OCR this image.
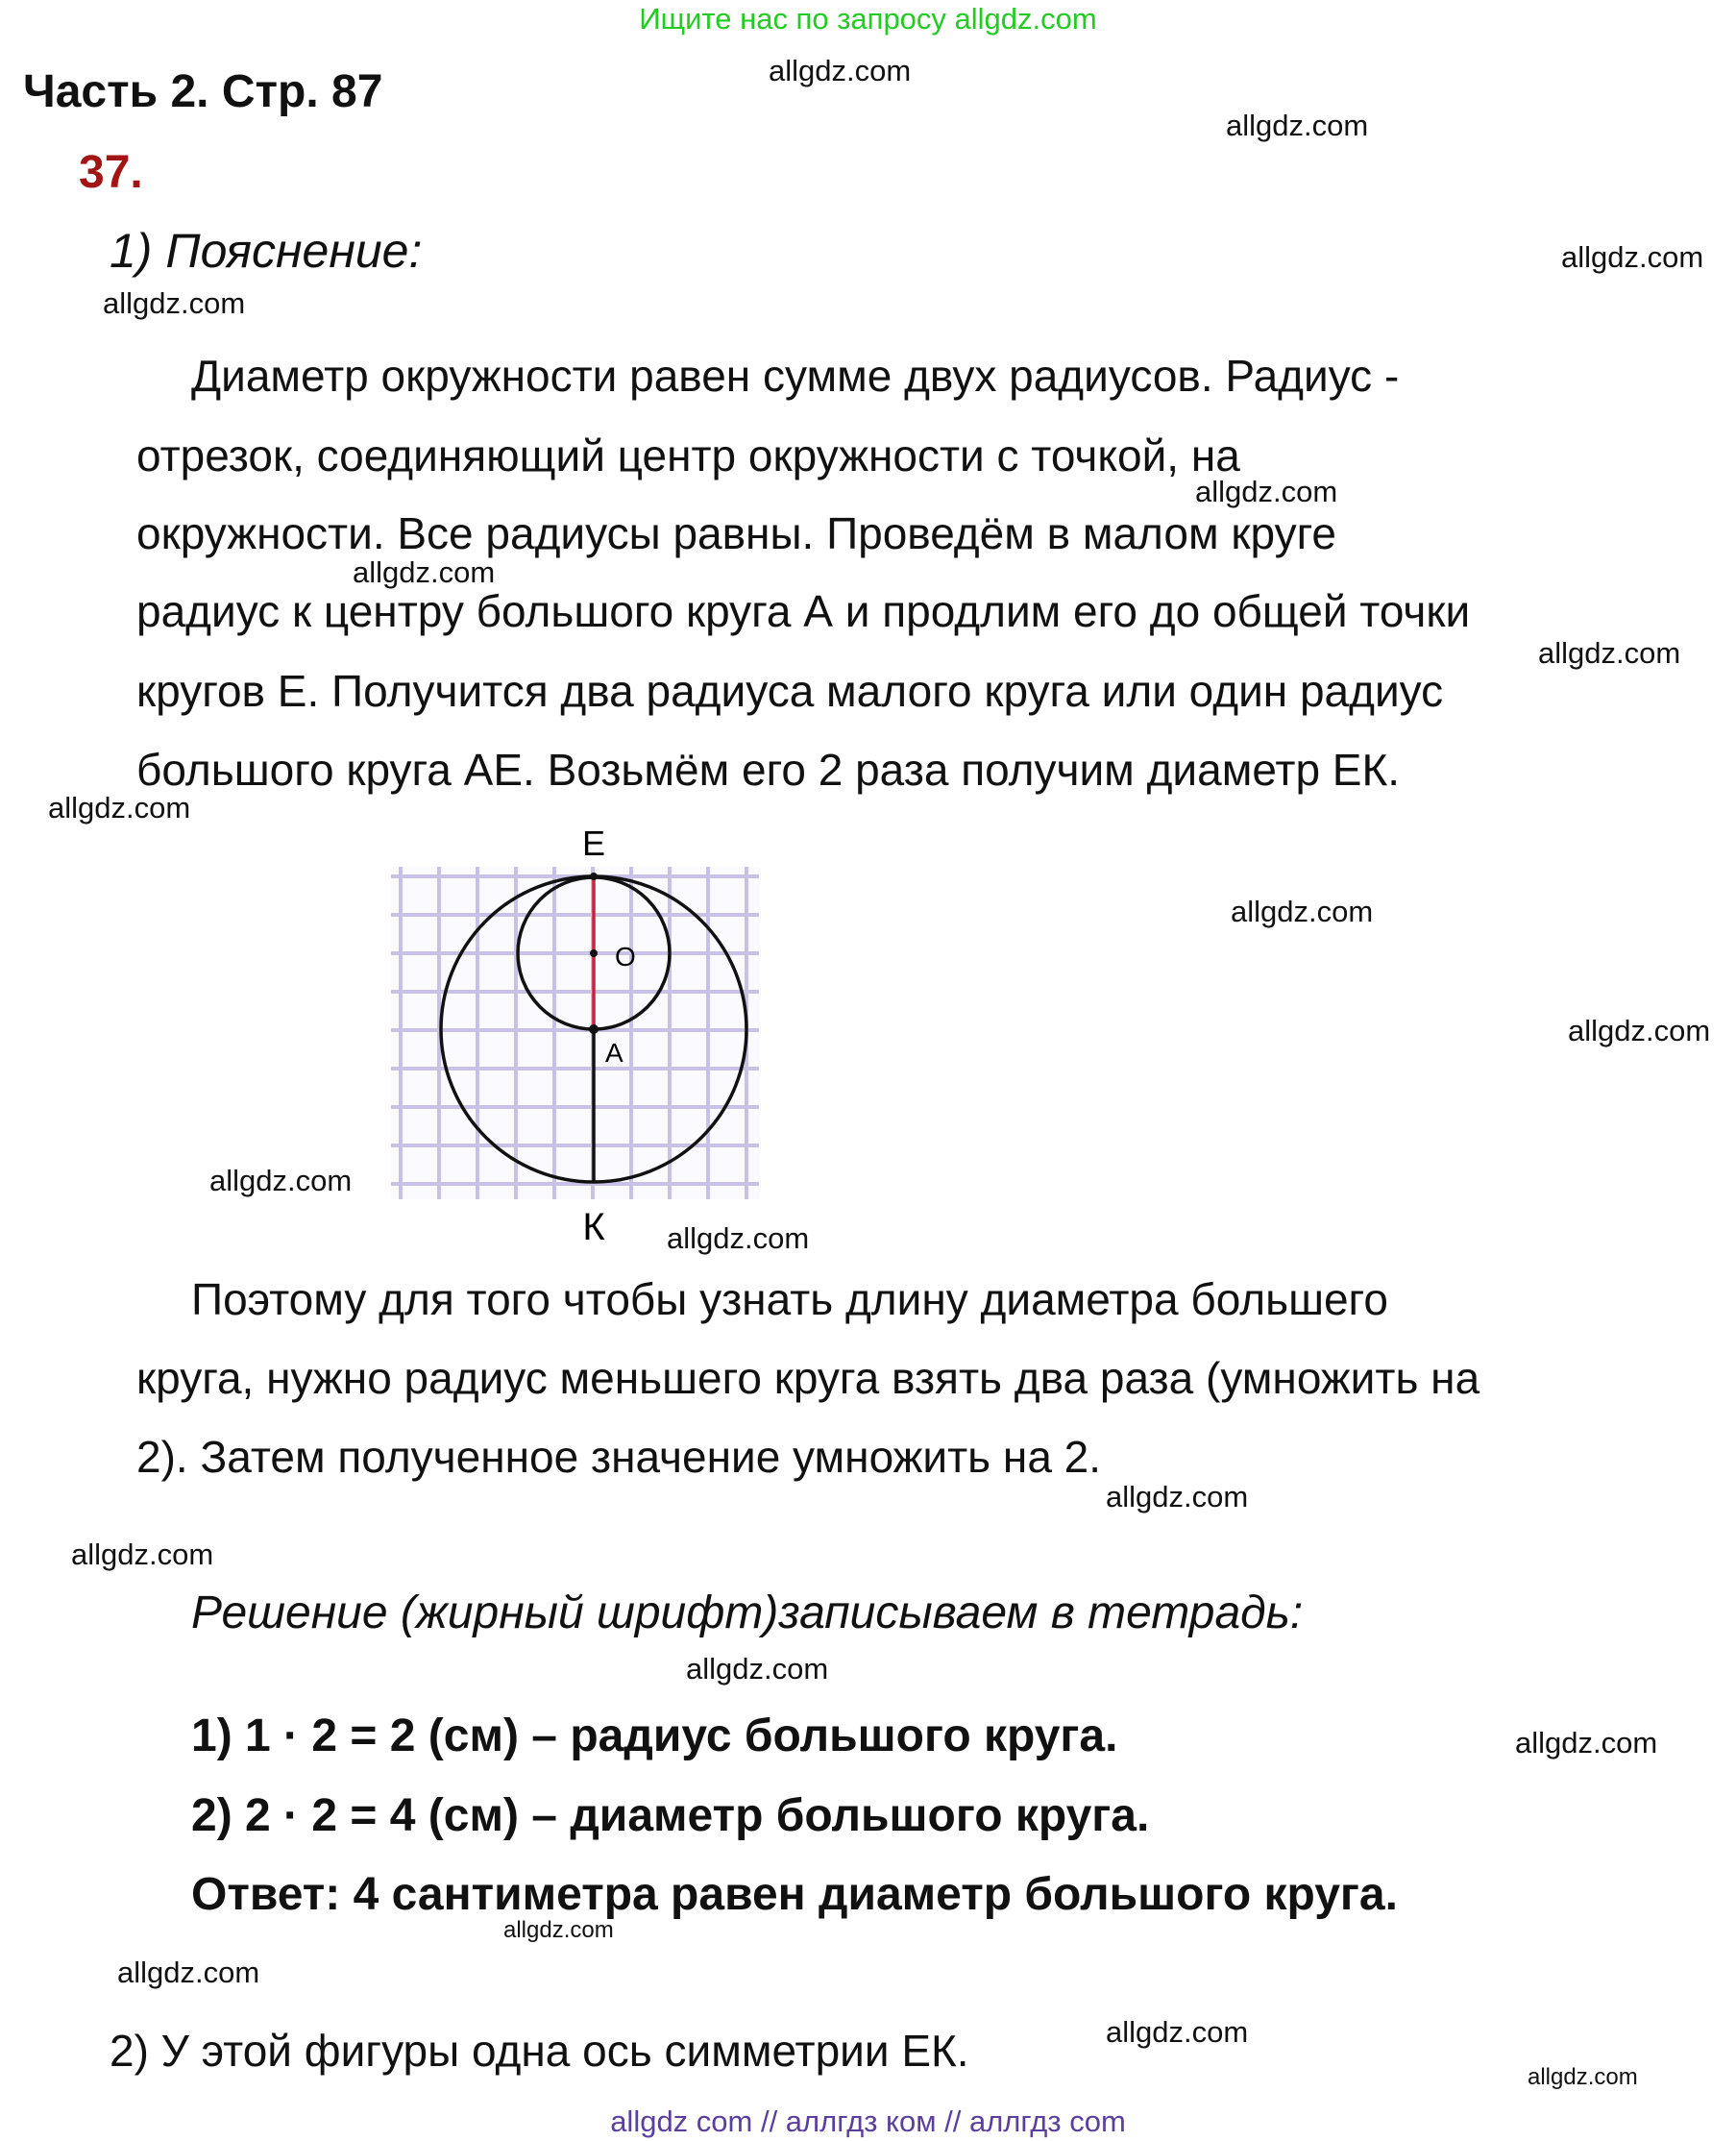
Ищите нас по запросу allgdz.com
Часть 2. Стр. 87
37.
1) Пояснение:
Диаметр окружности равен сумме двух радиусов. Радиус -
отрезок, соединяющий центр окружности с точкой, на
окружности. Все радиусы равны. Проведём в малом круге
радиус к центру большого круга А и продлим его до общей точки
кругов Е. Получится два радиуса малого круга или один радиус
большого круга АЕ. Возьмём его 2 раза получим диаметр ЕК.
E
O
A
К
Поэтому для того чтобы узнать длину диаметра большего
круга, нужно радиус меньшего круга взять два раза (умножить на
2). Затем полученное значение умножить на 2.
Решение (жирный шрифт)записываем в тетрадь:
1) 1 · 2 = 2 (см) – радиус большого круга.
2) 2 · 2 = 4 (см) – диаметр большого круга.
Ответ: 4 сантиметра равен диаметр большого круга.
2) У этой фигуры одна ось симметрии ЕК.
allgdz.com
allgdz.com
allgdz.com
allgdz.com
allgdz.com
allgdz.com
allgdz.com
allgdz.com
allgdz.com
allgdz.com
allgdz.com
allgdz.com
allgdz.com
allgdz.com
allgdz.com
allgdz.com
allgdz.com
allgdz.com
allgdz.com
allgdz.com
allgdz com // аллгдз ком // аллгдз com
